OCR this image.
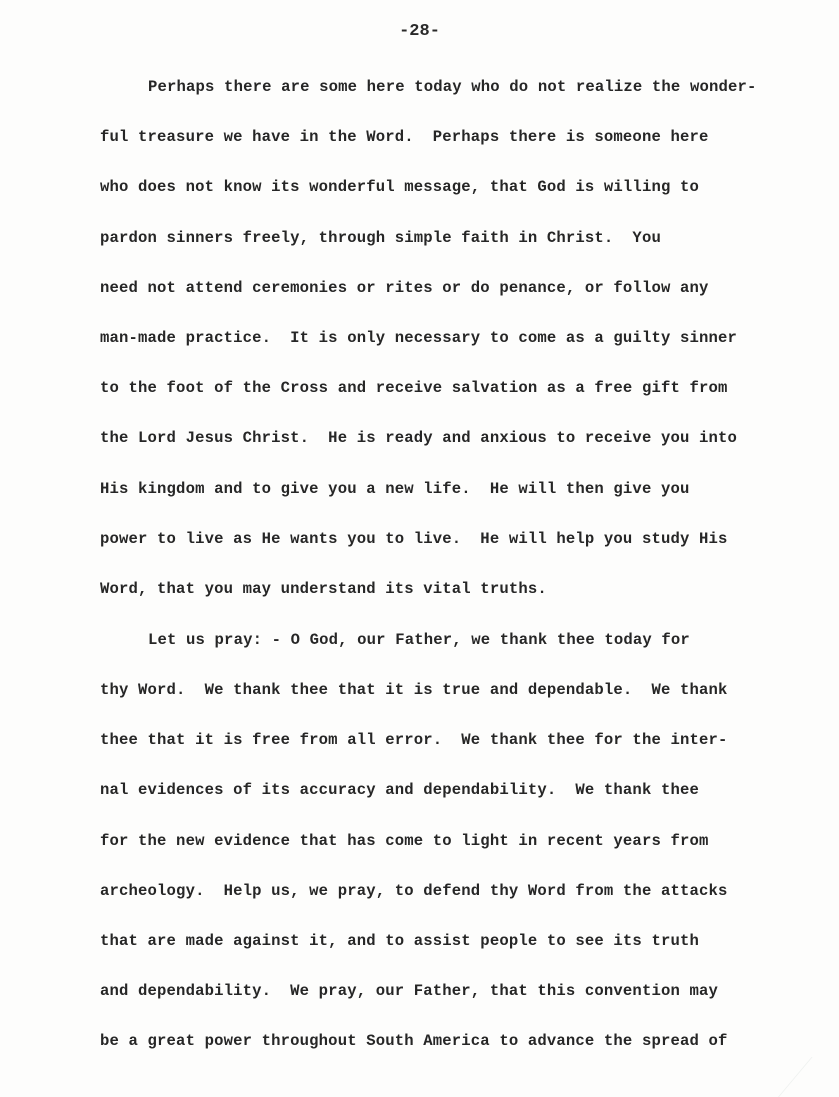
-28-
Perhaps there are some here today who do not realize the wonder-
ful treasure we have in the Word.  Perhaps there is someone here
who does not know its wonderful message, that God is willing to
pardon sinners freely, through simple faith in Christ.  You
need not attend ceremonies or rites or do penance, or follow any
man-made practice.  It is only necessary to come as a guilty sinner
to the foot of the Cross and receive salvation as a free gift from
the Lord Jesus Christ.  He is ready and anxious to receive you into
His kingdom and to give you a new life.  He will then give you
power to live as He wants you to live.  He will help you study His
Word, that you may understand its vital truths.
Let us pray: - O God, our Father, we thank thee today for
thy Word.  We thank thee that it is true and dependable.  We thank
thee that it is free from all error.  We thank thee for the inter-
nal evidences of its accuracy and dependability.  We thank thee
for the new evidence that has come to light in recent years from
archeology.  Help us, we pray, to defend thy Word from the attacks
that are made against it, and to assist people to see its truth
and dependability.  We pray, our Father, that this convention may
be a great power throughout South America to advance the spread of
